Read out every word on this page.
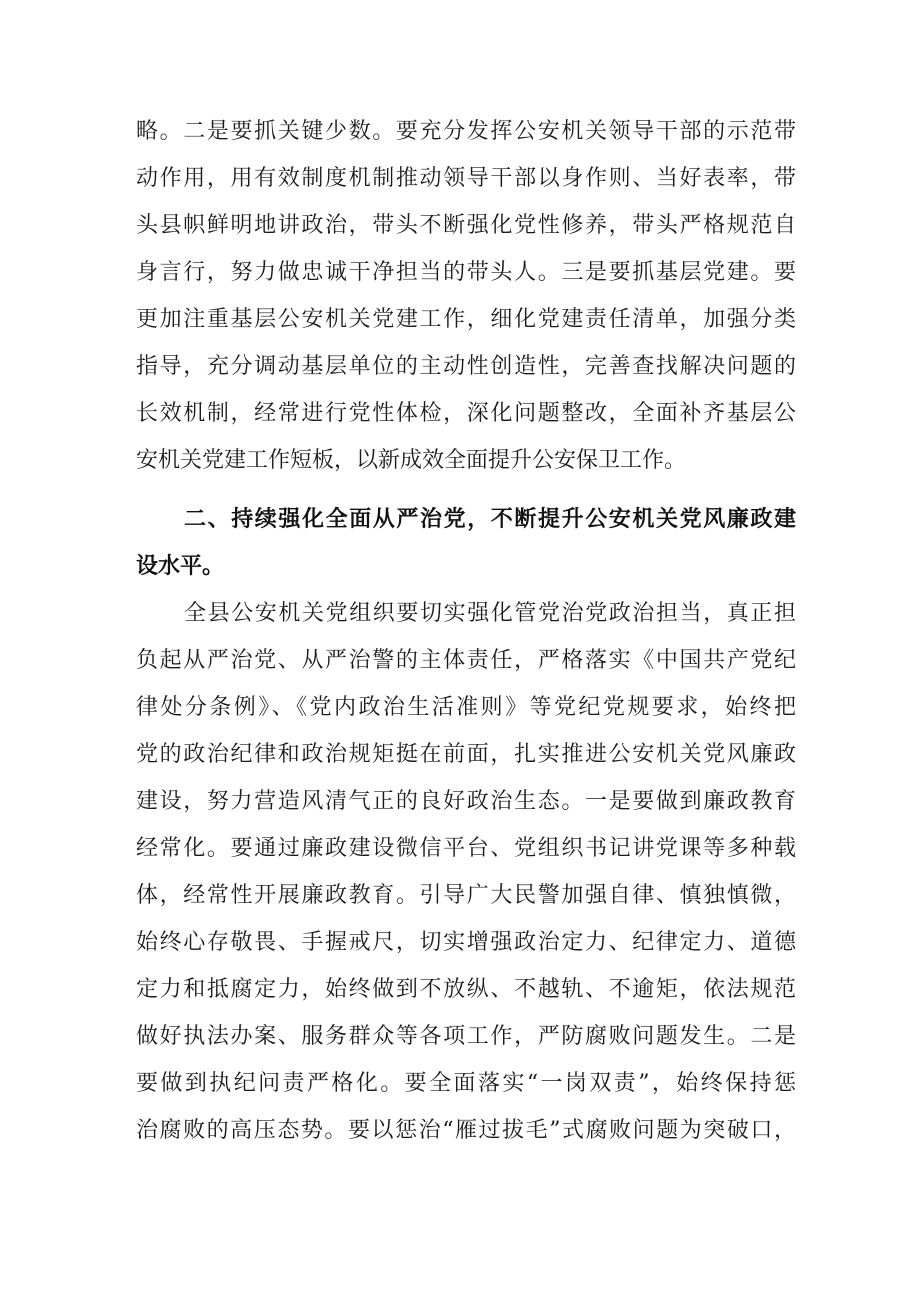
略。二是要抓关键少数。要充分发挥公安机关领导干部的示范带
动作用，用有效制度机制推动领导干部以身作则、当好表率，带
头县帜鲜明地讲政治，带头不断强化党性修养，带头严格规范自
身言行，努力做忠诚干净担当的带头人。三是要抓基层党建。要
更加注重基层公安机关党建工作，细化党建责任清单，加强分类
指导，充分调动基层单位的主动性创造性，完善查找解决问题的
长效机制，经常进行党性体检，深化问题整改，全面补齐基层公
安机关党建工作短板，以新成效全面提升公安保卫工作。
二、持续强化全面从严治党，不断提升公安机关党风廉政建
设水平。
全县公安机关党组织要切实强化管党治党政治担当，真正担
负起从严治党、从严治警的主体责任，严格落实《中国共产党纪
律处分条例》、《党内政治生活准则》等党纪党规要求，始终把
党的政治纪律和政治规矩挺在前面，扎实推进公安机关党风廉政
建设，努力营造风清气正的良好政治生态。一是要做到廉政教育
经常化。要通过廉政建设微信平台、党组织书记讲党课等多种载
体，经常性开展廉政教育。引导广大民警加强自律、慎独慎微，
始终心存敬畏、手握戒尺，切实增强政治定力、纪律定力、道德
定力和抵腐定力，始终做到不放纵、不越轨、不逾矩，依法规范
做好执法办案、服务群众等各项工作，严防腐败问题发生。二是
要做到执纪问责严格化。要全面落实“一岗双责”，始终保持惩
治腐败的高压态势。要以惩治“雁过拔毛”式腐败问题为突破口，
